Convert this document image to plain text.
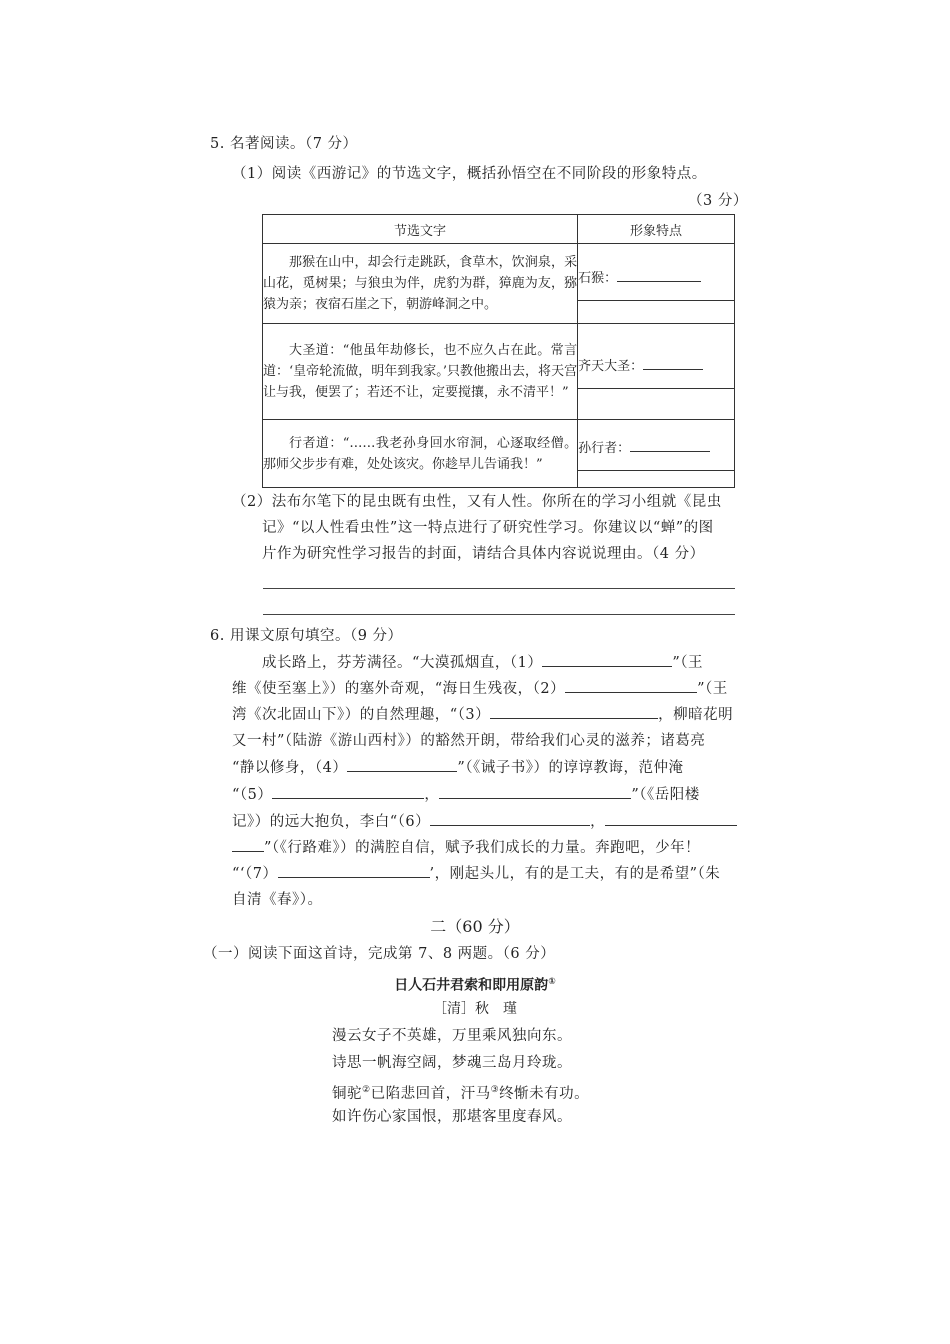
5. 名著阅读。（7 分）
（1）阅读《西游记》的节选文字，概括孙悟空在不同阶段的形象特点。
（3 分）
节选文字	形象特点

那猴在山中，却会行走跳跃，食草木，饮涧泉，采山花，觅树果；与狼虫为伴，虎豹为群，獐鹿为友，猕猿为亲；夜宿石崖之下，朝游峰洞之中。	石猴：

大圣道：“他虽年劫修长，也不应久占在此。常言道：‘皇帝轮流做，明年到我家。’只教他搬出去，将天宫让与我，便罢了；若还不让，定要搅攘，永不清平！”	齐天大圣：

行者道：“……我老孙身回水帘洞，心逐取经僧。那师父步步有难，处处该灾。你趁早儿告诵我！”	孙行者：
（2）法布尔笔下的昆虫既有虫性，又有人性。你所在的学习小组就《昆虫
记》“以人性看虫性”这一特点进行了研究性学习。你建议以“蝉”的图
片作为研究性学习报告的封面，请结合具体内容说说理由。（4 分）
6. 用课文原句填空。（9 分）
成长路上，芬芳满径。“大漠孤烟直，（1）	”（王
维《使至塞上》）的塞外奇观，“海日生残夜，（2）	”（王
湾《次北固山下》）的自然理趣，“（3）	，柳暗花明
又一村”（陆游《游山西村》）的豁然开朗，带给我们心灵的滋养；诸葛亮
“静以修身，（4）	”（《诫子书》）的谆谆教诲，范仲淹
“（5）	，	”（《岳阳楼
记》）的远大抱负，李白“（6）	，
”（《行路难》）的满腔自信，赋予我们成长的力量。奔跑吧，少年！
“‘（7）	’，刚起头儿，有的是工夫，有的是希望”（朱
自清《春》）。
二（60 分）
（一）阅读下面这首诗，完成第 7、8 两题。（6 分）
日人石井君索和即用原韵①
［清］秋　瑾
漫云女子不英雄，万里乘风独向东。
诗思一帆海空阔，梦魂三岛月玲珑。
铜驼②已陷悲回首，汗马③终惭未有功。
如许伤心家国恨，那堪客里度春风。
